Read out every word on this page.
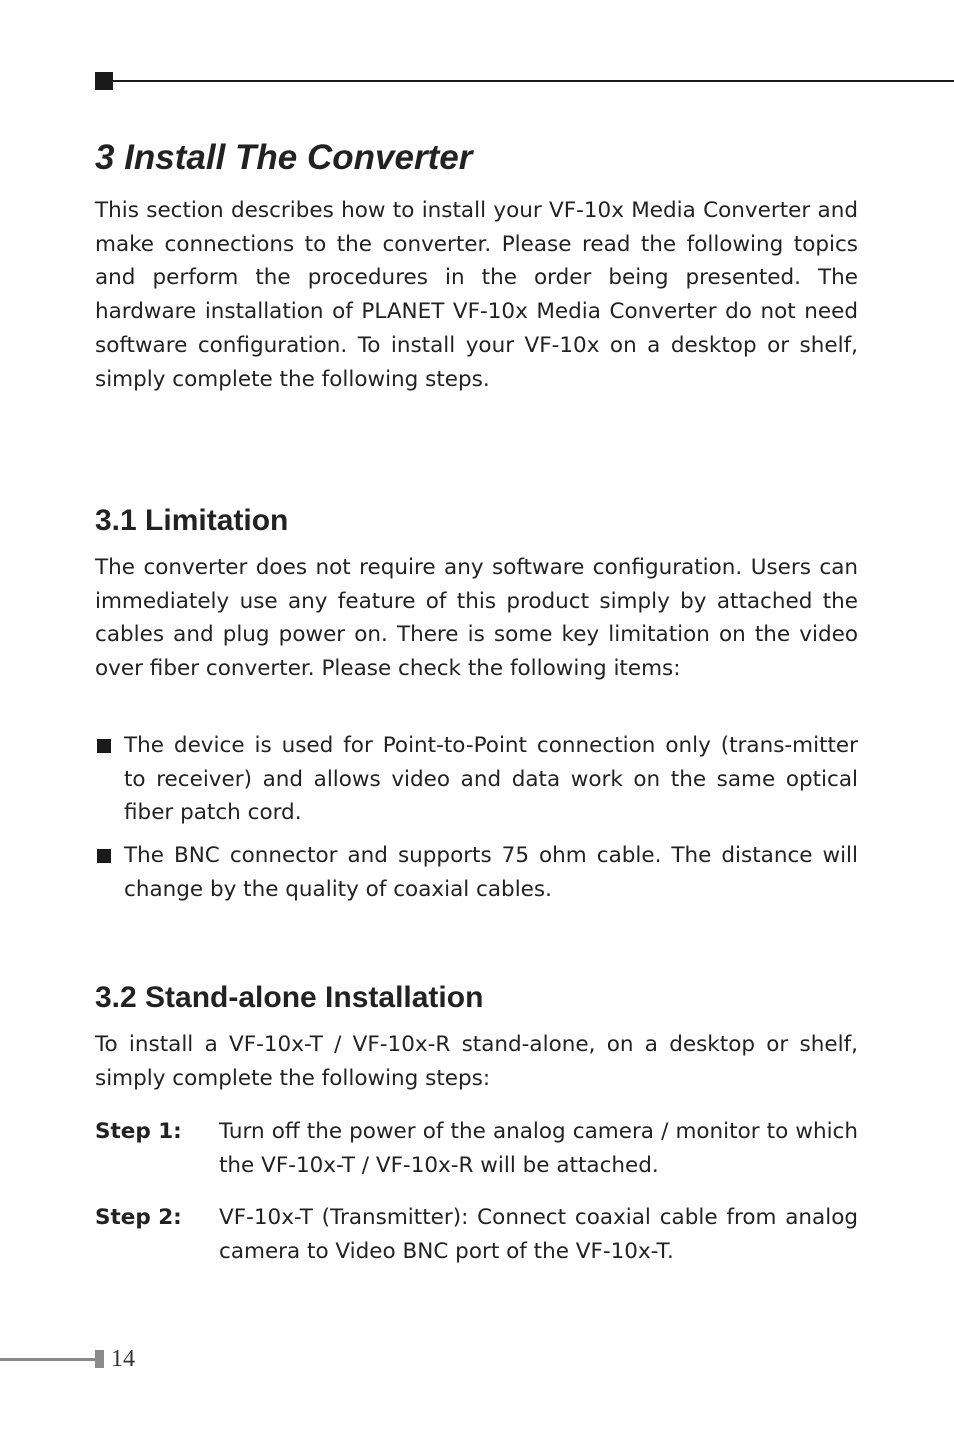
3 Install The Converter

This section describes how to install your VF-10x Media Converter and make connections to the converter. Please read the following topics and perform the procedures in the order being presented. The hardware installation of PLANET VF-10x Media Converter do not need software configuration. To install your VF-10x on a desktop or shelf, simply complete the following steps.

3.1 Limitation

The converter does not require any software configuration. Users can immediately use any feature of this product simply by attached the cables and plug power on. There is some key limitation on the video over fiber converter. Please check the following items:

The device is used for Point-to-Point connection only (trans-mitter to receiver) and allows video and data work on the same optical fiber patch cord.
The BNC connector and supports 75 ohm cable. The distance will change by the quality of coaxial cables.
3.2 Stand-alone Installation

To install a VF-10x-T / VF-10x-R stand-alone, on a desktop or shelf, simply complete the following steps:

Step 1: Turn off the power of the analog camera / monitor to which the VF-10x-T / VF-10x-R will be attached.
Step 2: VF-10x-T (Transmitter): Connect coaxial cable from analog camera to Video BNC port of the VF-10x-T.
14
